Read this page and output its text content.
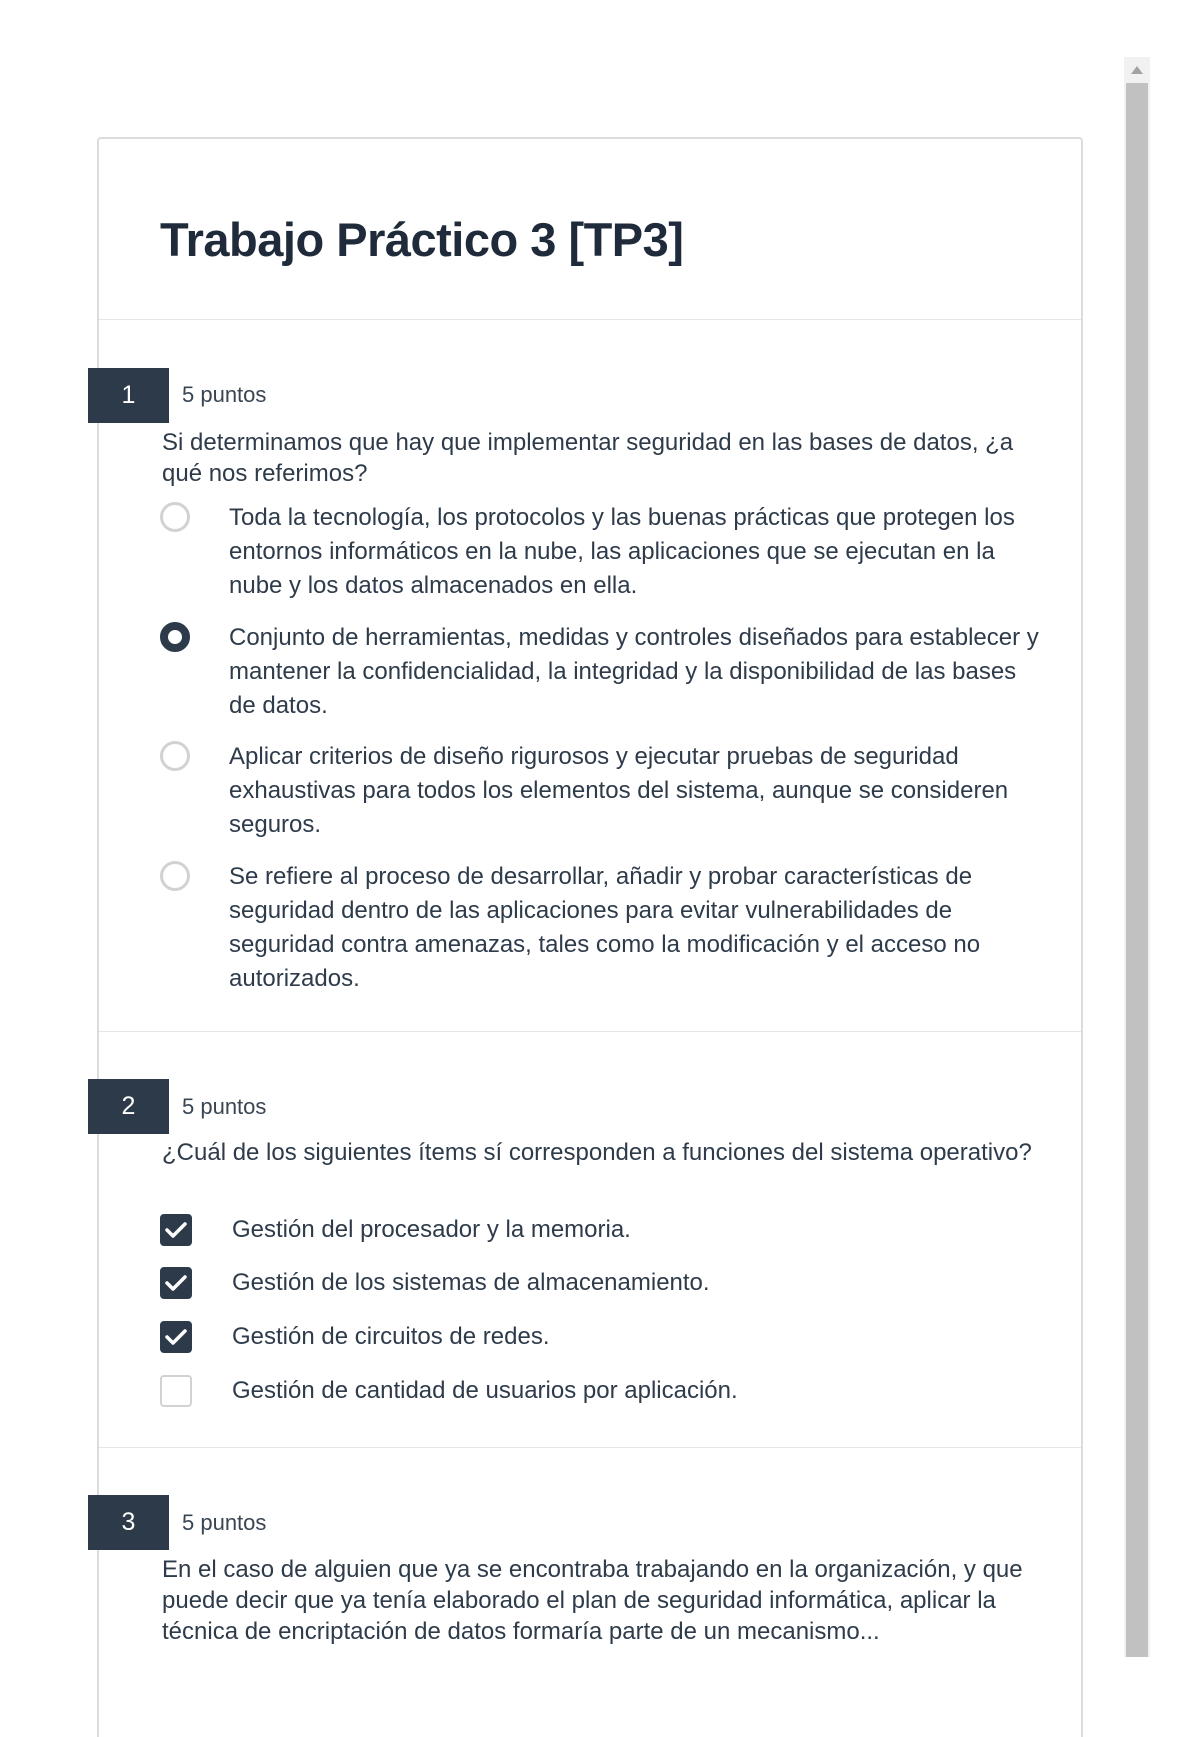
Trabajo Práctico 3 [TP3]
1	5 puntos

Si determinamos que hay que implementar seguridad en las bases de datos, ¿a qué nos referimos?

Toda la tecnología, los protocolos y las buenas prácticas que protegen los entornos informáticos en la nube, las aplicaciones que se ejecutan en la nube y los datos almacenados en ella.
Conjunto de herramientas, medidas y controles diseñados para establecer y mantener la confidencialidad, la integridad y la disponibilidad de las bases de datos.
Aplicar criterios de diseño rigurosos y ejecutar pruebas de seguridad exhaustivas para todos los elementos del sistema, aunque se consideren seguros.
Se refiere al proceso de desarrollar, añadir y probar características de seguridad dentro de las aplicaciones para evitar vulnerabilidades de seguridad contra amenazas, tales como la modificación y el acceso no autorizados.
2	5 puntos

¿Cuál de los siguientes ítems sí corresponden a funciones del sistema operativo?

Gestión del procesador y la memoria.
Gestión de los sistemas de almacenamiento.
Gestión de circuitos de redes.
Gestión de cantidad de usuarios por aplicación.
3	5 puntos

En el caso de alguien que ya se encontraba trabajando en la organización, y que puede decir que ya tenía elaborado el plan de seguridad informática, aplicar la técnica de encriptación de datos formaría parte de un mecanismo...
